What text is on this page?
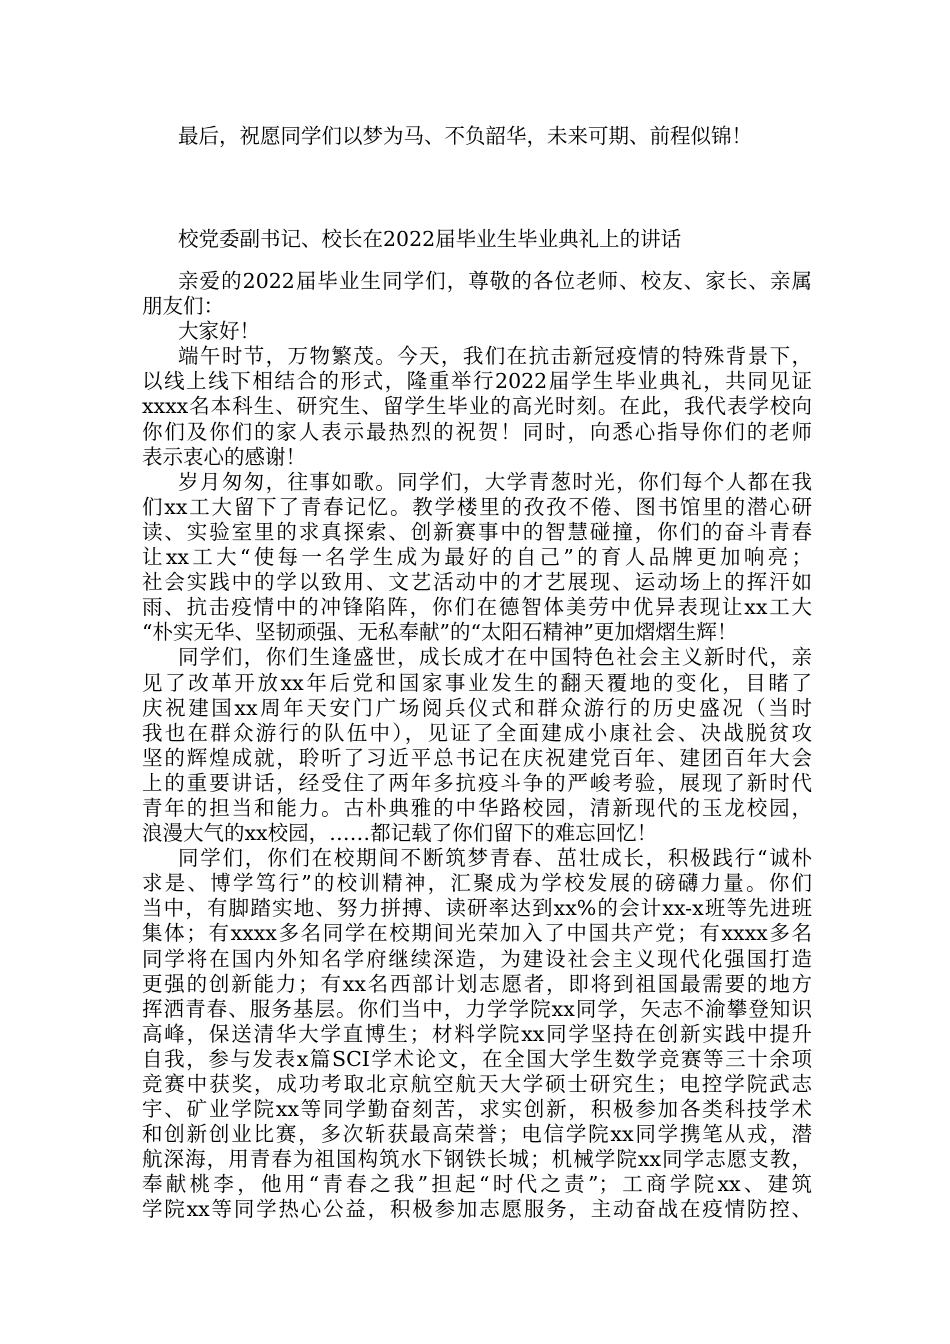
最后，祝愿同学们以梦为马、不负韶华，未来可期、前程似锦！

校党委副书记、校长在2022届毕业生毕业典礼上的讲话

亲爱的2022届毕业生同学们，尊敬的各位老师、校友、家长、亲属

朋友们：

大家好！

端午时节，万物繁茂。今天，我们在抗击新冠疫情的特殊背景下，

以线上线下相结合的形式，隆重举行2022届学生毕业典礼，共同见证

xxxx名本科生、研究生、留学生毕业的高光时刻。在此，我代表学校向

你们及你们的家人表示最热烈的祝贺！同时，向悉心指导你们的老师

表示衷心的感谢！

岁月匆匆，往事如歌。同学们，大学青葱时光，你们每个人都在我

们xx工大留下了青春记忆。教学楼里的孜孜不倦、图书馆里的潜心研

读、实验室里的求真探索、创新赛事中的智慧碰撞，你们的奋斗青春

让xx工大“使每一名学生成为最好的自己”的育人品牌更加响亮；

社会实践中的学以致用、文艺活动中的才艺展现、运动场上的挥汗如

雨、抗击疫情中的冲锋陷阵，你们在德智体美劳中优异表现让xx工大

“朴实无华、坚韧顽强、无私奉献”的“太阳石精神”更加熠熠生辉！

同学们，你们生逢盛世，成长成才在中国特色社会主义新时代，亲

见了改革开放xx年后党和国家事业发生的翻天覆地的变化，目睹了

庆祝建国xx周年天安门广场阅兵仪式和群众游行的历史盛况（当时

我也在群众游行的队伍中），见证了全面建成小康社会、决战脱贫攻

坚的辉煌成就，聆听了习近平总书记在庆祝建党百年、建团百年大会

上的重要讲话，经受住了两年多抗疫斗争的严峻考验，展现了新时代

青年的担当和能力。古朴典雅的中华路校园，清新现代的玉龙校园，

浪漫大气的xx校园，……都记载了你们留下的难忘回忆！

同学们，你们在校期间不断筑梦青春、茁壮成长，积极践行“诚朴

求是、博学笃行”的校训精神，汇聚成为学校发展的磅礴力量。你们

当中，有脚踏实地、努力拼搏、读研率达到xx%的会计xx-x班等先进班

集体；有xxxx多名同学在校期间光荣加入了中国共产党；有xxxx多名

同学将在国内外知名学府继续深造，为建设社会主义现代化强国打造

更强的创新能力；有xx名西部计划志愿者，即将到祖国最需要的地方

挥洒青春、服务基层。你们当中，力学学院xx同学，矢志不渝攀登知识

高峰，保送清华大学直博生；材料学院xx同学坚持在创新实践中提升

自我，参与发表x篇SCI学术论文，在全国大学生数学竞赛等三十余项

竞赛中获奖，成功考取北京航空航天大学硕士研究生；电控学院武志

宇、矿业学院xx等同学勤奋刻苦，求实创新，积极参加各类科技学术

和创新创业比赛，多次斩获最高荣誉；电信学院xx同学携笔从戎，潜

航深海，用青春为祖国构筑水下钢铁长城；机械学院xx同学志愿支教，

奉献桃李，他用“青春之我”担起“时代之责”；工商学院xx、建筑

学院xx等同学热心公益，积极参加志愿服务，主动奋战在疫情防控、
